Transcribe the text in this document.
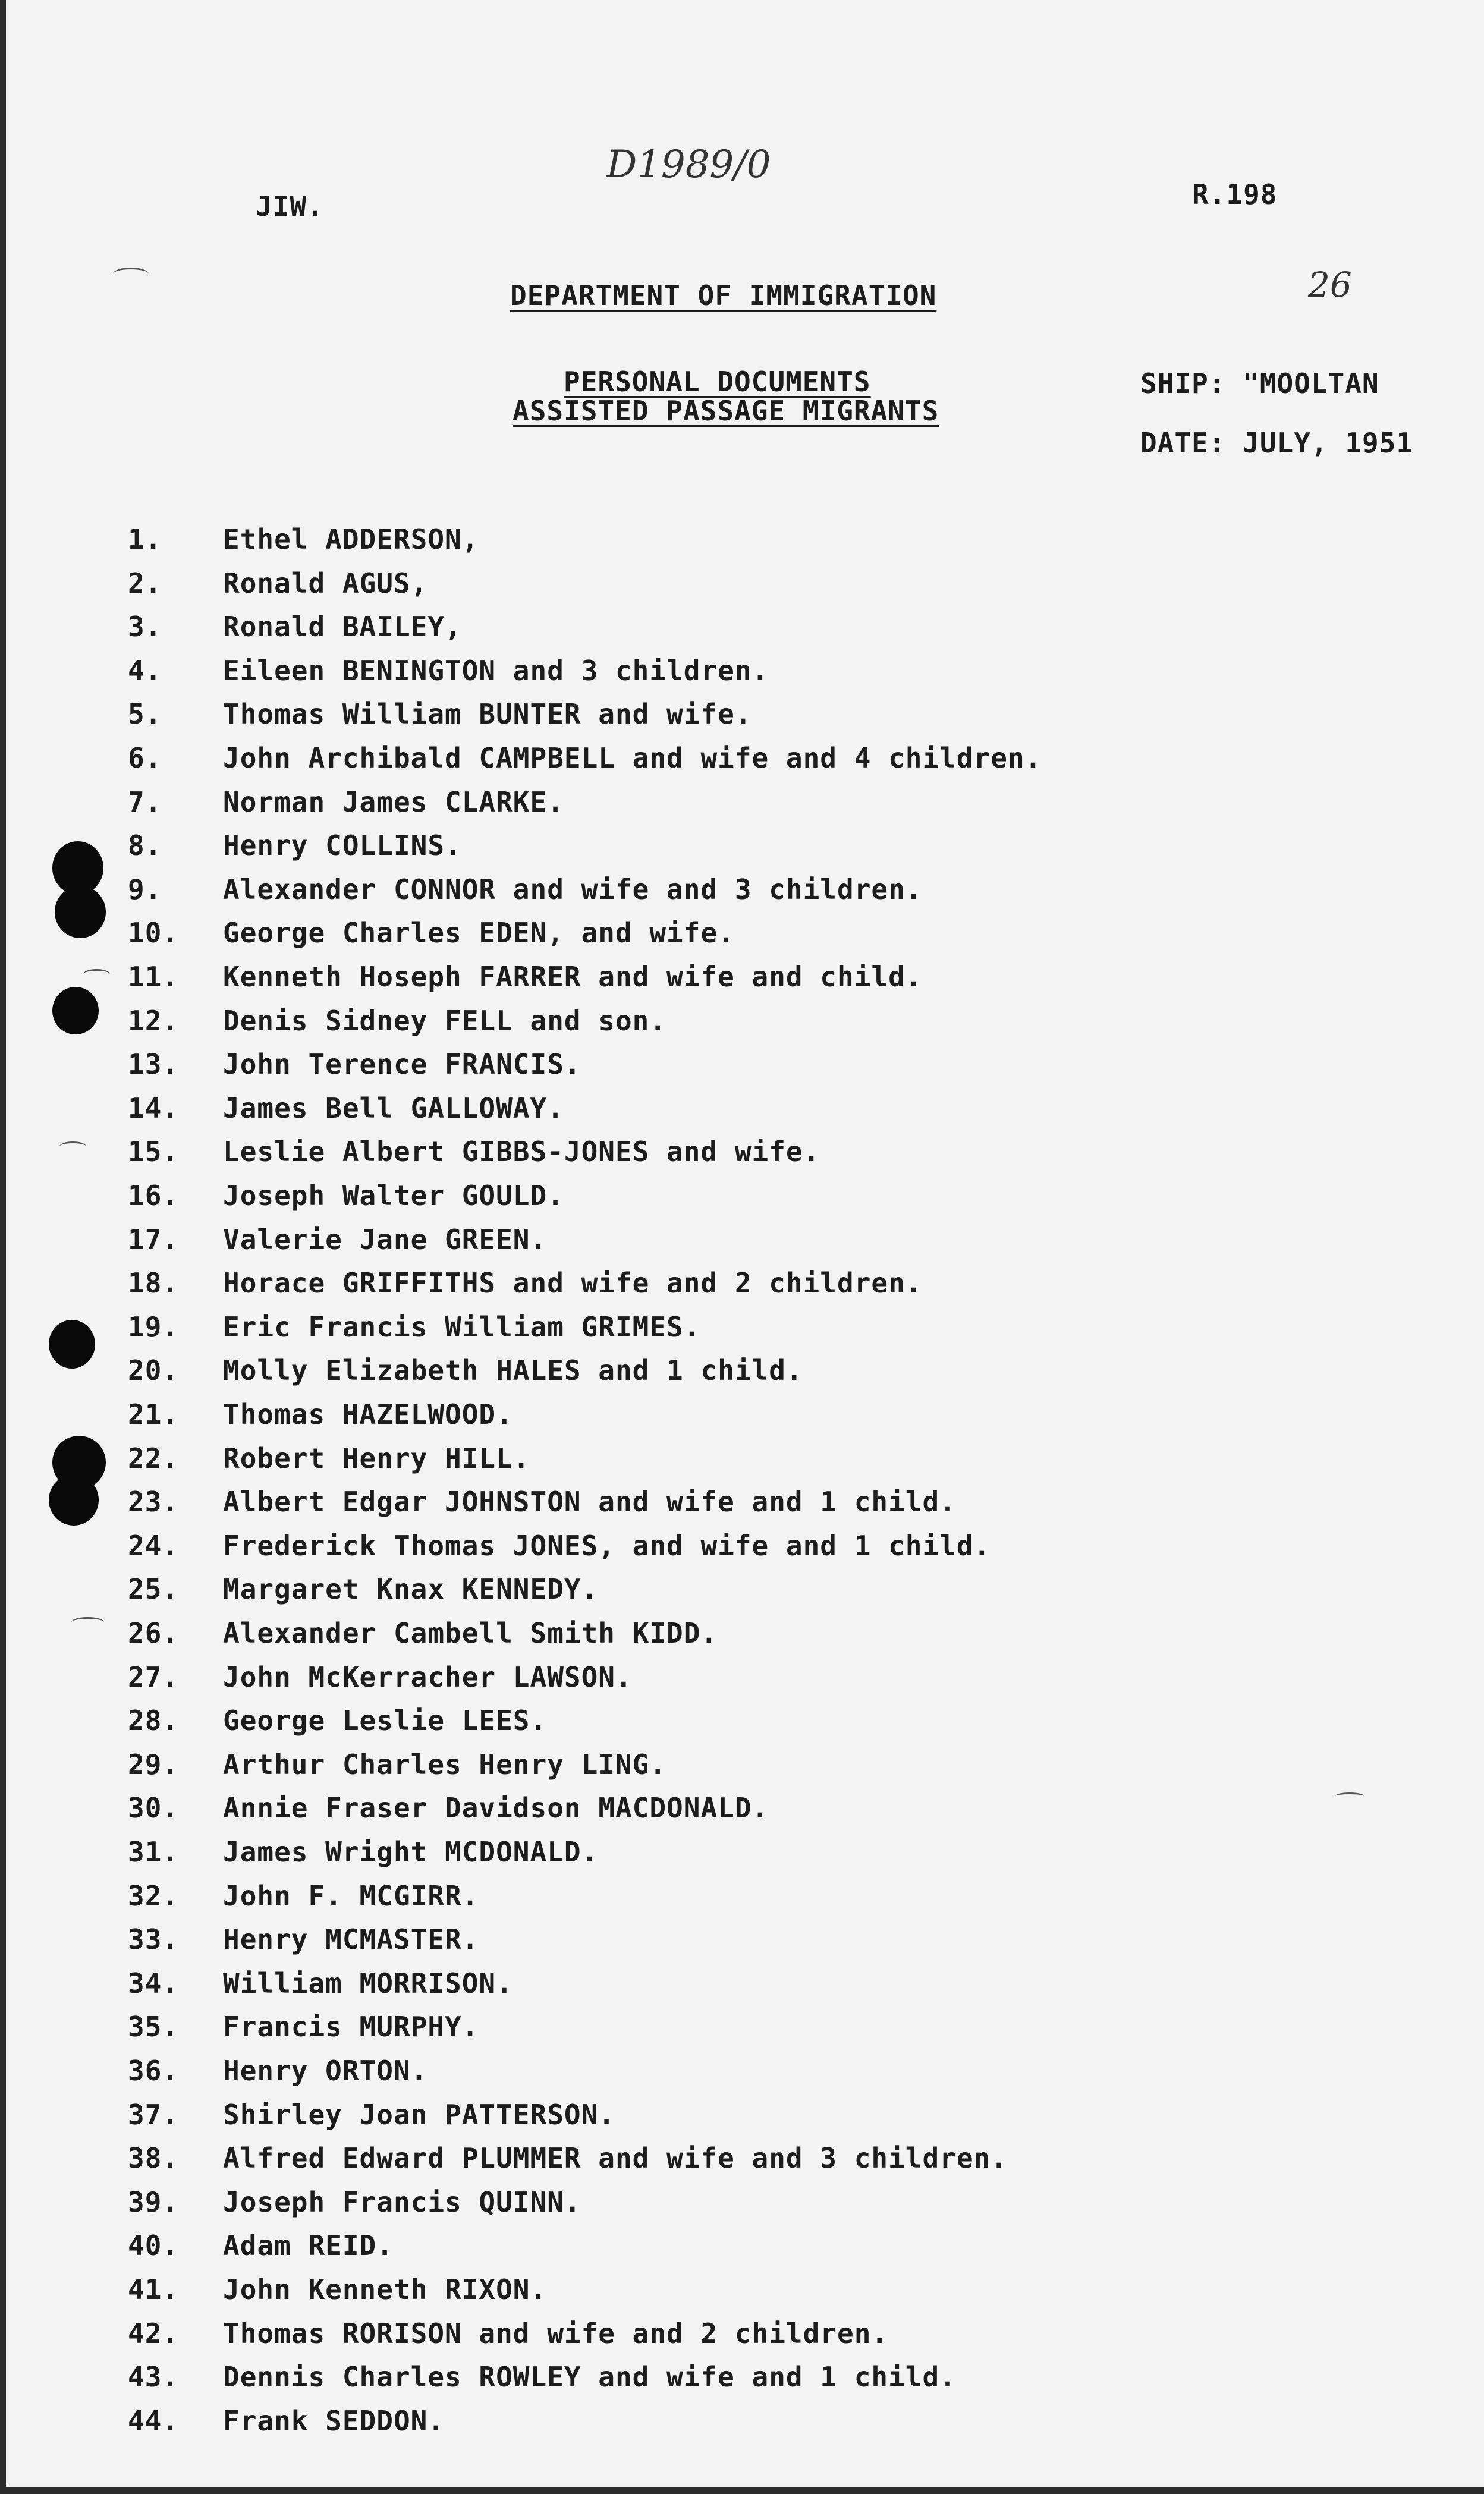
JIW.
D1989/0
R.198
26
DEPARTMENT OF IMMIGRATION
PERSONAL DOCUMENTS
ASSISTED PASSAGE MIGRANTS
SHIP: "MOOLTAN
DATE: JULY, 1951
1. Ethel ADDERSON,
2. Ronald AGUS,
3. Ronald BAILEY,
4. Eileen BENINGTON and 3 children.
5. Thomas William BUNTER and wife.
6. John Archibald CAMPBELL and wife and 4 children.
7. Norman James CLARKE.
8. Henry COLLINS.
9. Alexander CONNOR and wife and 3 children.
10. George Charles EDEN, and wife.
11. Kenneth Hoseph FARRER and wife and child.
12. Denis Sidney FELL and son.
13. John Terence FRANCIS.
14. James Bell GALLOWAY.
15. Leslie Albert GIBBS-JONES and wife.
16. Joseph Walter GOULD.
17. Valerie Jane GREEN.
18. Horace GRIFFITHS and wife and 2 children.
19. Eric Francis William GRIMES.
20. Molly Elizabeth HALES and 1 child.
21. Thomas HAZELWOOD.
22. Robert Henry HILL.
23. Albert Edgar JOHNSTON and wife and 1 child.
24. Frederick Thomas JONES, and wife and 1 child.
25. Margaret Knax KENNEDY.
26. Alexander Cambell Smith KIDD.
27. John McKerracher LAWSON.
28. George Leslie LEES.
29. Arthur Charles Henry LING.
30. Annie Fraser Davidson MACDONALD.
31. James Wright MCDONALD.
32. John F. MCGIRR.
33. Henry MCMASTER.
34. William MORRISON.
35. Francis MURPHY.
36. Henry ORTON.
37. Shirley Joan PATTERSON.
38. Alfred Edward PLUMMER and wife and 3 children.
39. Joseph Francis QUINN.
40. Adam REID.
41. John Kenneth RIXON.
42. Thomas RORISON and wife and 2 children.
43. Dennis Charles ROWLEY and wife and 1 child.
44. Frank SEDDON.
